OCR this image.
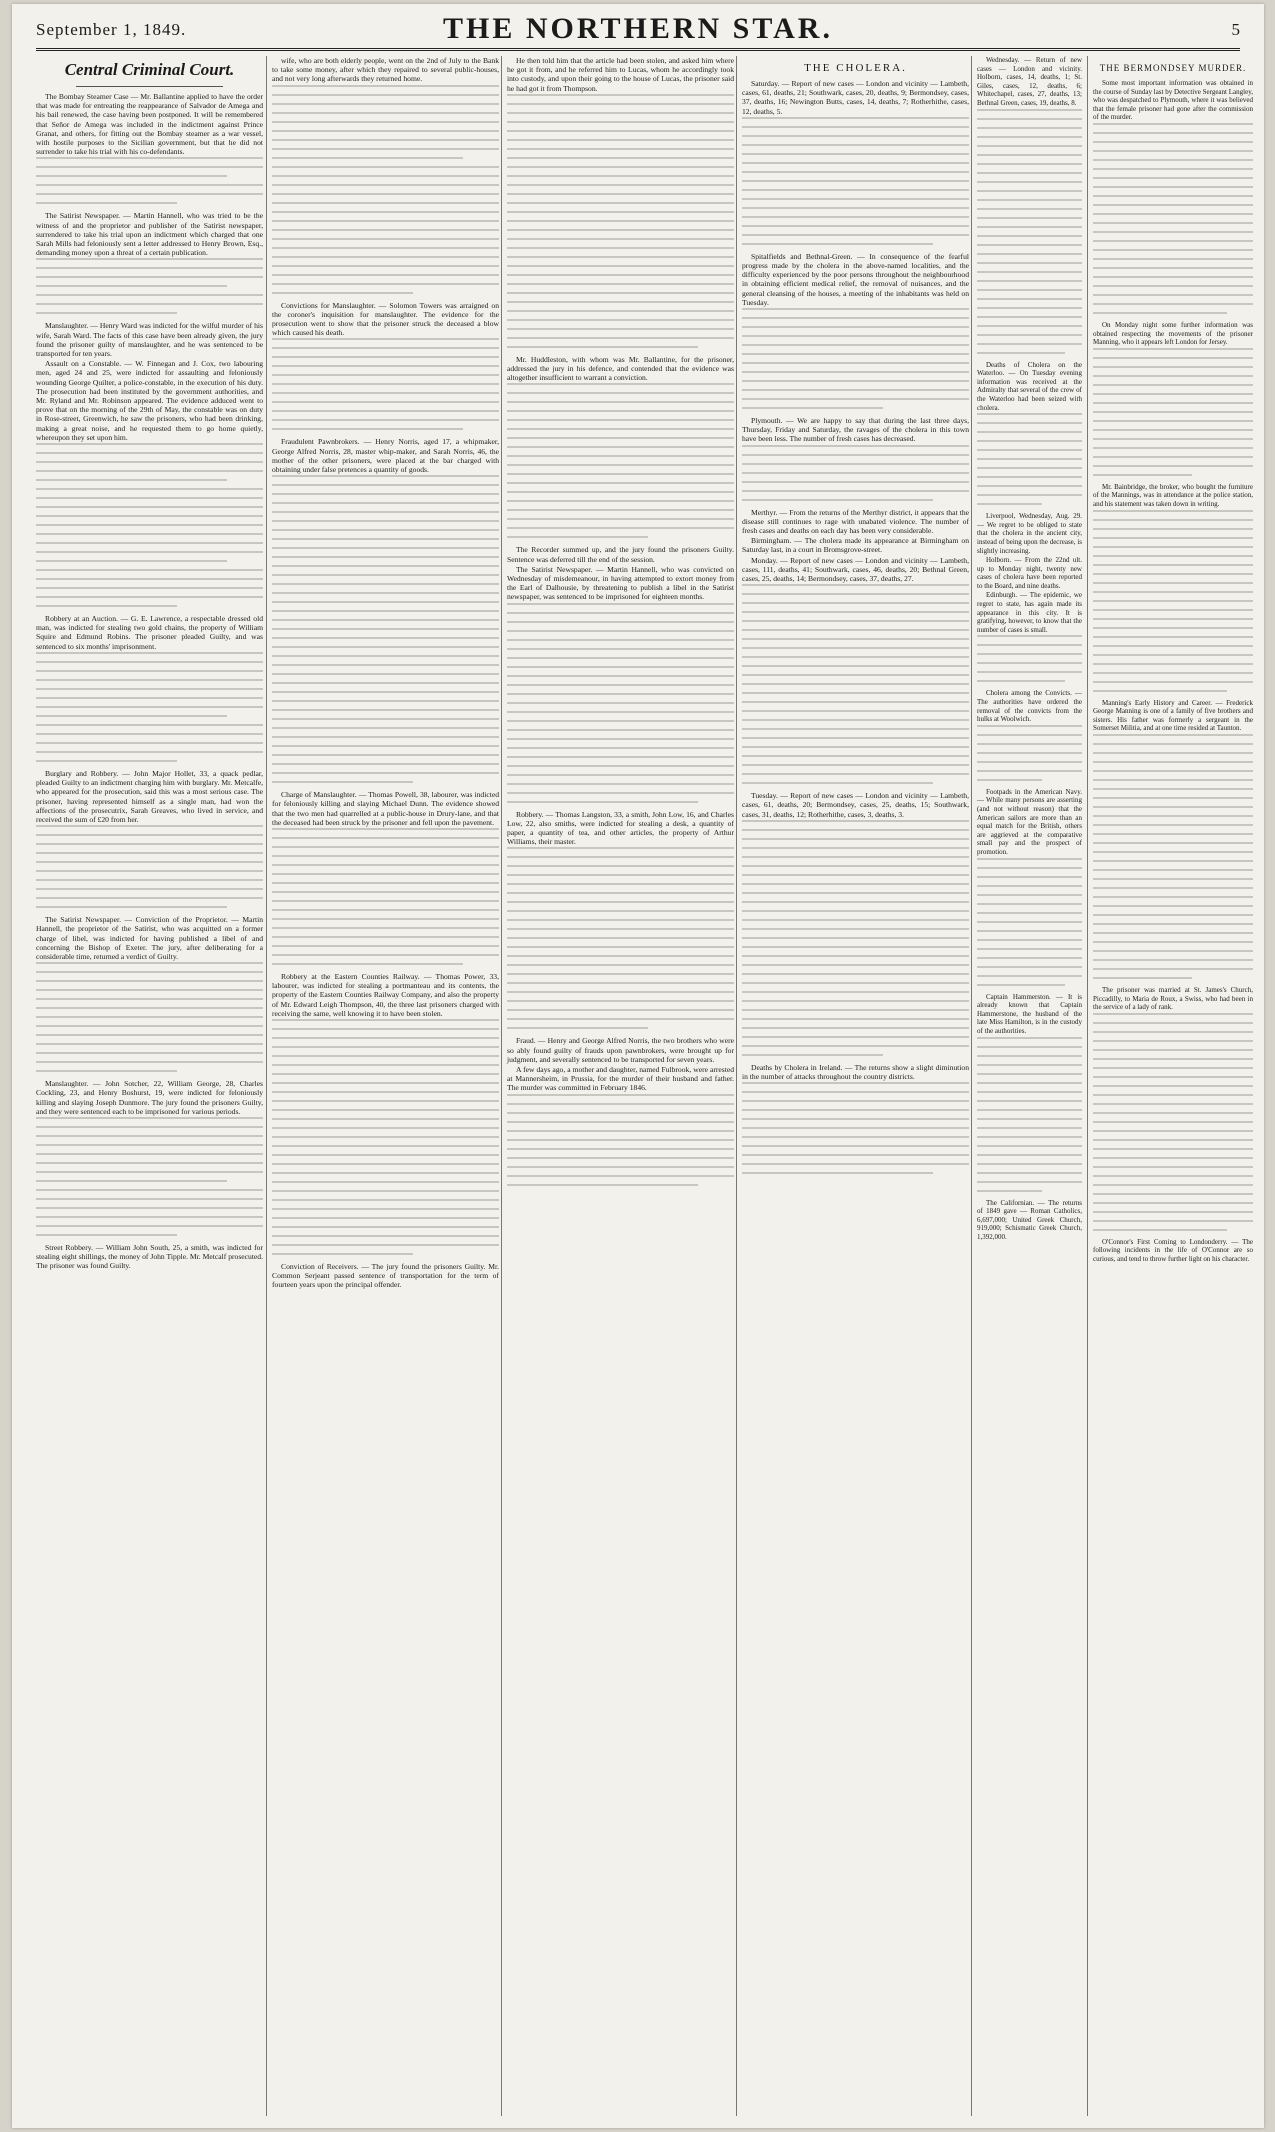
September 1, 1849.	THE NORTHERN STAR.	5
Central Criminal Court.

The Bombay Steamer Case — Mr. Ballantine applied to have the order that was made for entreating the reappearance of Salvador de Amega and his bail renewed, the case having been postponed. It will be remembered that Señor de Amega was included in the indictment against Prince Granat, and others, for fitting out the Bombay steamer as a war vessel, with hostile purposes to the Sicilian government, but that he did not surrender to take his trial with his co-defendants.

The Satirist Newspaper. — Martin Hannell, who was tried to be the witness of and the proprietor and publisher of the Satirist newspaper, surrendered to take his trial upon an indictment which charged that one Sarah Mills had feloniously sent a letter addressed to Henry Brown, Esq., demanding money upon a threat of a certain publication.

Manslaughter. — Henry Ward was indicted for the wilful murder of his wife, Sarah Ward. The facts of this case have been already given, the jury found the prisoner guilty of manslaughter, and he was sentenced to be transported for ten years.

Assault on a Constable. — W. Finnegan and J. Cox, two labouring men, aged 24 and 25, were indicted for assaulting and feloniously wounding George Quilter, a police-constable, in the execution of his duty. The prosecution had been instituted by the government authorities, and Mr. Ryland and Mr. Robinson appeared. The evidence adduced went to prove that on the morning of the 29th of May, the constable was on duty in Rose-street, Greenwich, he saw the prisoners, who had been drinking, making a great noise, and he requested them to go home quietly, whereupon they set upon him.

Robbery at an Auction. — G. E. Lawrence, a respectable dressed old man, was indicted for stealing two gold chains, the property of William Squire and Edmund Robins. The prisoner pleaded Guilty, and was sentenced to six months' imprisonment.

Burglary and Robbery. — John Major Hollet, 33, a quack pedlar, pleaded Guilty to an indictment charging him with burglary. Mr. Metcalfe, who appeared for the prosecution, said this was a most serious case. The prisoner, having represented himself as a single man, had won the affections of the prosecutrix, Sarah Greaves, who lived in service, and received the sum of £20 from her.

The Satirist Newspaper. — Conviction of the Proprietor. — Martin Hannell, the proprietor of the Satirist, who was acquitted on a former charge of libel, was indicted for having published a libel of and concerning the Bishop of Exeter. The jury, after deliberating for a considerable time, returned a verdict of Guilty.

Manslaughter. — John Sotcher, 22, William George, 28, Charles Cockling, 23, and Henry Boshurst, 19, were indicted for feloniously killing and slaying Joseph Dunmore. The jury found the prisoners Guilty, and they were sentenced each to be imprisoned for various periods.

Street Robbery. — William John South, 25, a smith, was indicted for stealing eight shillings, the money of John Tipple. Mr. Metcalf prosecuted. The prisoner was found Guilty.

wife, who are both elderly people, went on the 2nd of July to the Bank to take some money, after which they repaired to several public-houses, and not very long afterwards they returned home.

Convictions for Manslaughter. — Solomon Towers was arraigned on the coroner's inquisition for manslaughter. The evidence for the prosecution went to show that the prisoner struck the deceased a blow which caused his death.

Fraudulent Pawnbrokers. — Henry Norris, aged 17, a whipmaker, George Alfred Norris, 28, master whip-maker, and Sarah Norris, 46, the mother of the other prisoners, were placed at the bar charged with obtaining under false pretences a quantity of goods.

Charge of Manslaughter. — Thomas Powell, 38, labourer, was indicted for feloniously killing and slaying Michael Dunn. The evidence showed that the two men had quarrelled at a public-house in Drury-lane, and that the deceased had been struck by the prisoner and fell upon the pavement.

Robbery at the Eastern Counties Railway. — Thomas Power, 33, labourer, was indicted for stealing a portmanteau and its contents, the property of the Eastern Counties Railway Company, and also the property of Mr. Edward Leigh Thompson, 40, the three last prisoners charged with receiving the same, well knowing it to have been stolen.

Conviction of Receivers. — The jury found the prisoners Guilty. Mr. Common Serjeant passed sentence of transportation for the term of fourteen years upon the principal offender.

He then told him that the article had been stolen, and asked him where he got it from, and he referred him to Lucas, whom he accordingly took into custody, and upon their going to the house of Lucas, the prisoner said he had got it from Thompson.

Mr. Huddleston, with whom was Mr. Ballantine, for the prisoner, addressed the jury in his defence, and contended that the evidence was altogether insufficient to warrant a conviction.

The Recorder summed up, and the jury found the prisoners Guilty. Sentence was deferred till the end of the session.

The Satirist Newspaper. — Martin Hannell, who was convicted on Wednesday of misdemeanour, in having attempted to extort money from the Earl of Dalhousie, by threatening to publish a libel in the Satirist newspaper, was sentenced to be imprisoned for eighteen months.

Robbery. — Thomas Langston, 33, a smith, John Low, 16, and Charles Low, 22, also smiths, were indicted for stealing a desk, a quantity of paper, a quantity of tea, and other articles, the property of Arthur Williams, their master.

Fraud. — Henry and George Alfred Norris, the two brothers who were so ably found guilty of frauds upon pawnbrokers, were brought up for judgment, and severally sentenced to be transported for seven years.

A few days ago, a mother and daughter, named Fulbrook, were arrested at Mannersheim, in Prussia, for the murder of their husband and father. The murder was committed in February 1846.

THE CHOLERA.

Saturday. — Report of new cases — London and vicinity — Lambeth, cases, 61, deaths, 21; Southwark, cases, 20, deaths, 9; Bermondsey, cases, 37, deaths, 16; Newington Butts, cases, 14, deaths, 7; Rotherhithe, cases, 12, deaths, 5.

Spitalfields and Bethnal-Green. — In consequence of the fearful progress made by the cholera in the above-named localities, and the difficulty experienced by the poor persons throughout the neighbourhood in obtaining efficient medical relief, the removal of nuisances, and the general cleansing of the houses, a meeting of the inhabitants was held on Tuesday.

Plymouth. — We are happy to say that during the last three days, Thursday, Friday and Saturday, the ravages of the cholera in this town have been less. The number of fresh cases has decreased.

Merthyr. — From the returns of the Merthyr district, it appears that the disease still continues to rage with unabated violence. The number of fresh cases and deaths on each day has been very considerable.

Birmingham. — The cholera made its appearance at Birmingham on Saturday last, in a court in Bromsgrove-street.

Monday. — Report of new cases — London and vicinity — Lambeth, cases, 111, deaths, 41; Southwark, cases, 46, deaths, 20; Bethnal Green, cases, 25, deaths, 14; Bermondsey, cases, 37, deaths, 27.

Tuesday. — Report of new cases — London and vicinity — Lambeth, cases, 61, deaths, 20; Bermondsey, cases, 25, deaths, 15; Southwark, cases, 31, deaths, 12; Rotherhithe, cases, 3, deaths, 3.

Deaths by Cholera in Ireland. — The returns show a slight diminution in the number of attacks throughout the country districts.

Wednesday. — Return of new cases — London and vicinity. Holborn, cases, 14, deaths, 1; St. Giles, cases, 12, deaths, 6; Whitechapel, cases, 27, deaths, 13; Bethnal Green, cases, 19, deaths, 8.

Deaths of Cholera on the Waterloo. — On Tuesday evening information was received at the Admiralty that several of the crew of the Waterloo had been seized with cholera.

Liverpool, Wednesday, Aug. 29. — We regret to be obliged to state that the cholera in the ancient city, instead of being upon the decrease, is slightly increasing.

Holborn. — From the 22nd ult. up to Monday night, twenty new cases of cholera have been reported to the Board, and nine deaths.

Edinburgh. — The epidemic, we regret to state, has again made its appearance in this city. It is gratifying, however, to know that the number of cases is small.

Cholera among the Convicts. — The authorities have ordered the removal of the convicts from the hulks at Woolwich.

Footpads in the American Navy. — While many persons are asserting (and not without reason) that the American sailors are more than an equal match for the British, others are aggrieved at the comparative small pay and the prospect of promotion.

Captain Hammerston. — It is already known that Captain Hammerstone, the husband of the late Miss Hamilton, is in the custody of the authorities.

The Californian. — The returns of 1849 gave — Roman Catholics, 6,697,000; United Greek Church, 919,000; Schismatic Greek Church, 1,392,000.

THE BERMONDSEY MURDER.

Some most important information was obtained in the course of Sunday last by Detective Sergeant Langley, who was despatched to Plymouth, where it was believed that the female prisoner had gone after the commission of the murder.

On Monday night some further information was obtained respecting the movements of the prisoner Manning, who it appears left London for Jersey.

Mr. Bainbridge, the broker, who bought the furniture of the Mannings, was in attendance at the police station, and his statement was taken down in writing.

Manning's Early History and Career. — Frederick George Manning is one of a family of five brothers and sisters. His father was formerly a sergeant in the Somerset Militia, and at one time resided at Taunton.

The prisoner was married at St. James's Church, Piccadilly, to Maria de Roux, a Swiss, who had been in the service of a lady of rank.

O'Connor's First Coming to Londonderry. — The following incidents in the life of O'Connor are so curious, and tend to throw further light on his character.
